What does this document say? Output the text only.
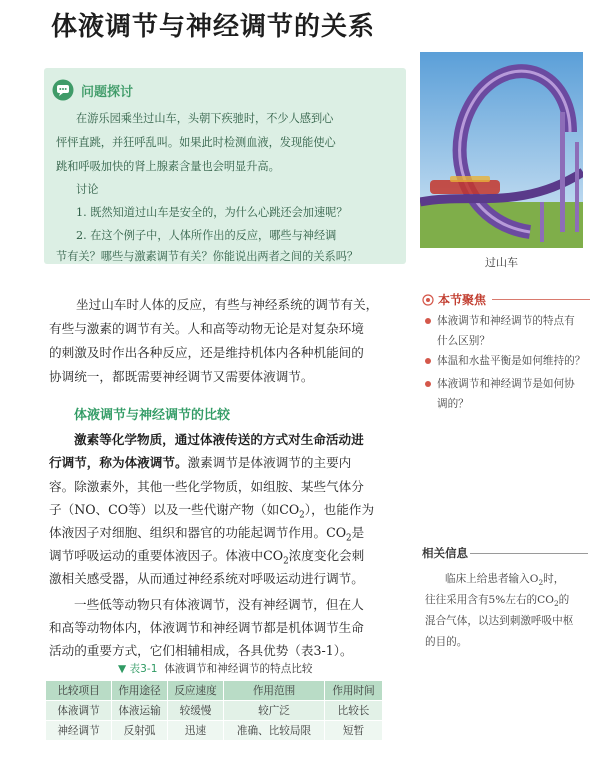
体液调节与神经调节的关系
问题探讨
在游乐园乘坐过山车，头朝下疾驰时，不少人感到心
怦怦直跳，并狂呼乱叫。如果此时检测血液，发现能使心
跳和呼吸加快的肾上腺素含量也会明显升高。
讨论
1. 既然知道过山车是安全的，为什么心跳还会加速呢？
2. 在这个例子中，人体所作出的反应，哪些与神经调
节有关？哪些与激素调节有关？你能说出两者之间的关系吗？	过山车
坐过山车时人体的反应，有些与神经系统的调节有关，
有些与激素的调节有关。人和高等动物无论是对复杂环境
的刺激及时作出各种反应，还是维持机体内各种机能间的
协调统一，都既需要神经调节又需要体液调节。
体液调节与神经调节的比较
激素等化学物质，通过体液传送的方式对生命活动进
行调节，称为体液调节。激素调节是体液调节的主要内
容。除激素外，其他一些化学物质，如组胺、某些气体分
子（NO、CO等）以及一些代谢产物（如$CO_2$），也能作为
体液因子对细胞、组织和器官的功能起调节作用。$CO_2$是
调节呼吸运动的重要体液因子。体液中$CO_2$浓度变化会刺
激相关感受器，从而通过神经系统对呼吸运动进行调节。
一些低等动物只有体液调节，没有神经调节，但在人
和高等动物体内，体液调节和神经调节都是机体调节生命
活动的重要方式，它们相辅相成，各具优势（表3-1）。
本节聚焦
体液调节和神经调节的特点有
什么区别？
体温和水盐平衡是如何维持的？
体液调节和神经调节是如何协
调的？
相关信息
临床上给患者输入$O_2$时，
往往采用含有5%左右的$CO_2$的
混合气体，以达到刺激呼吸中枢
的目的。
▼ 表3-1 体液调节和神经调节的特点比较
比较项目	作用途径	反应速度	作用范围	作用时间
体液调节	体液运输	较缓慢	较广泛	比较长
神经调节	反射弧	迅速	准确、比较局限	短暂
